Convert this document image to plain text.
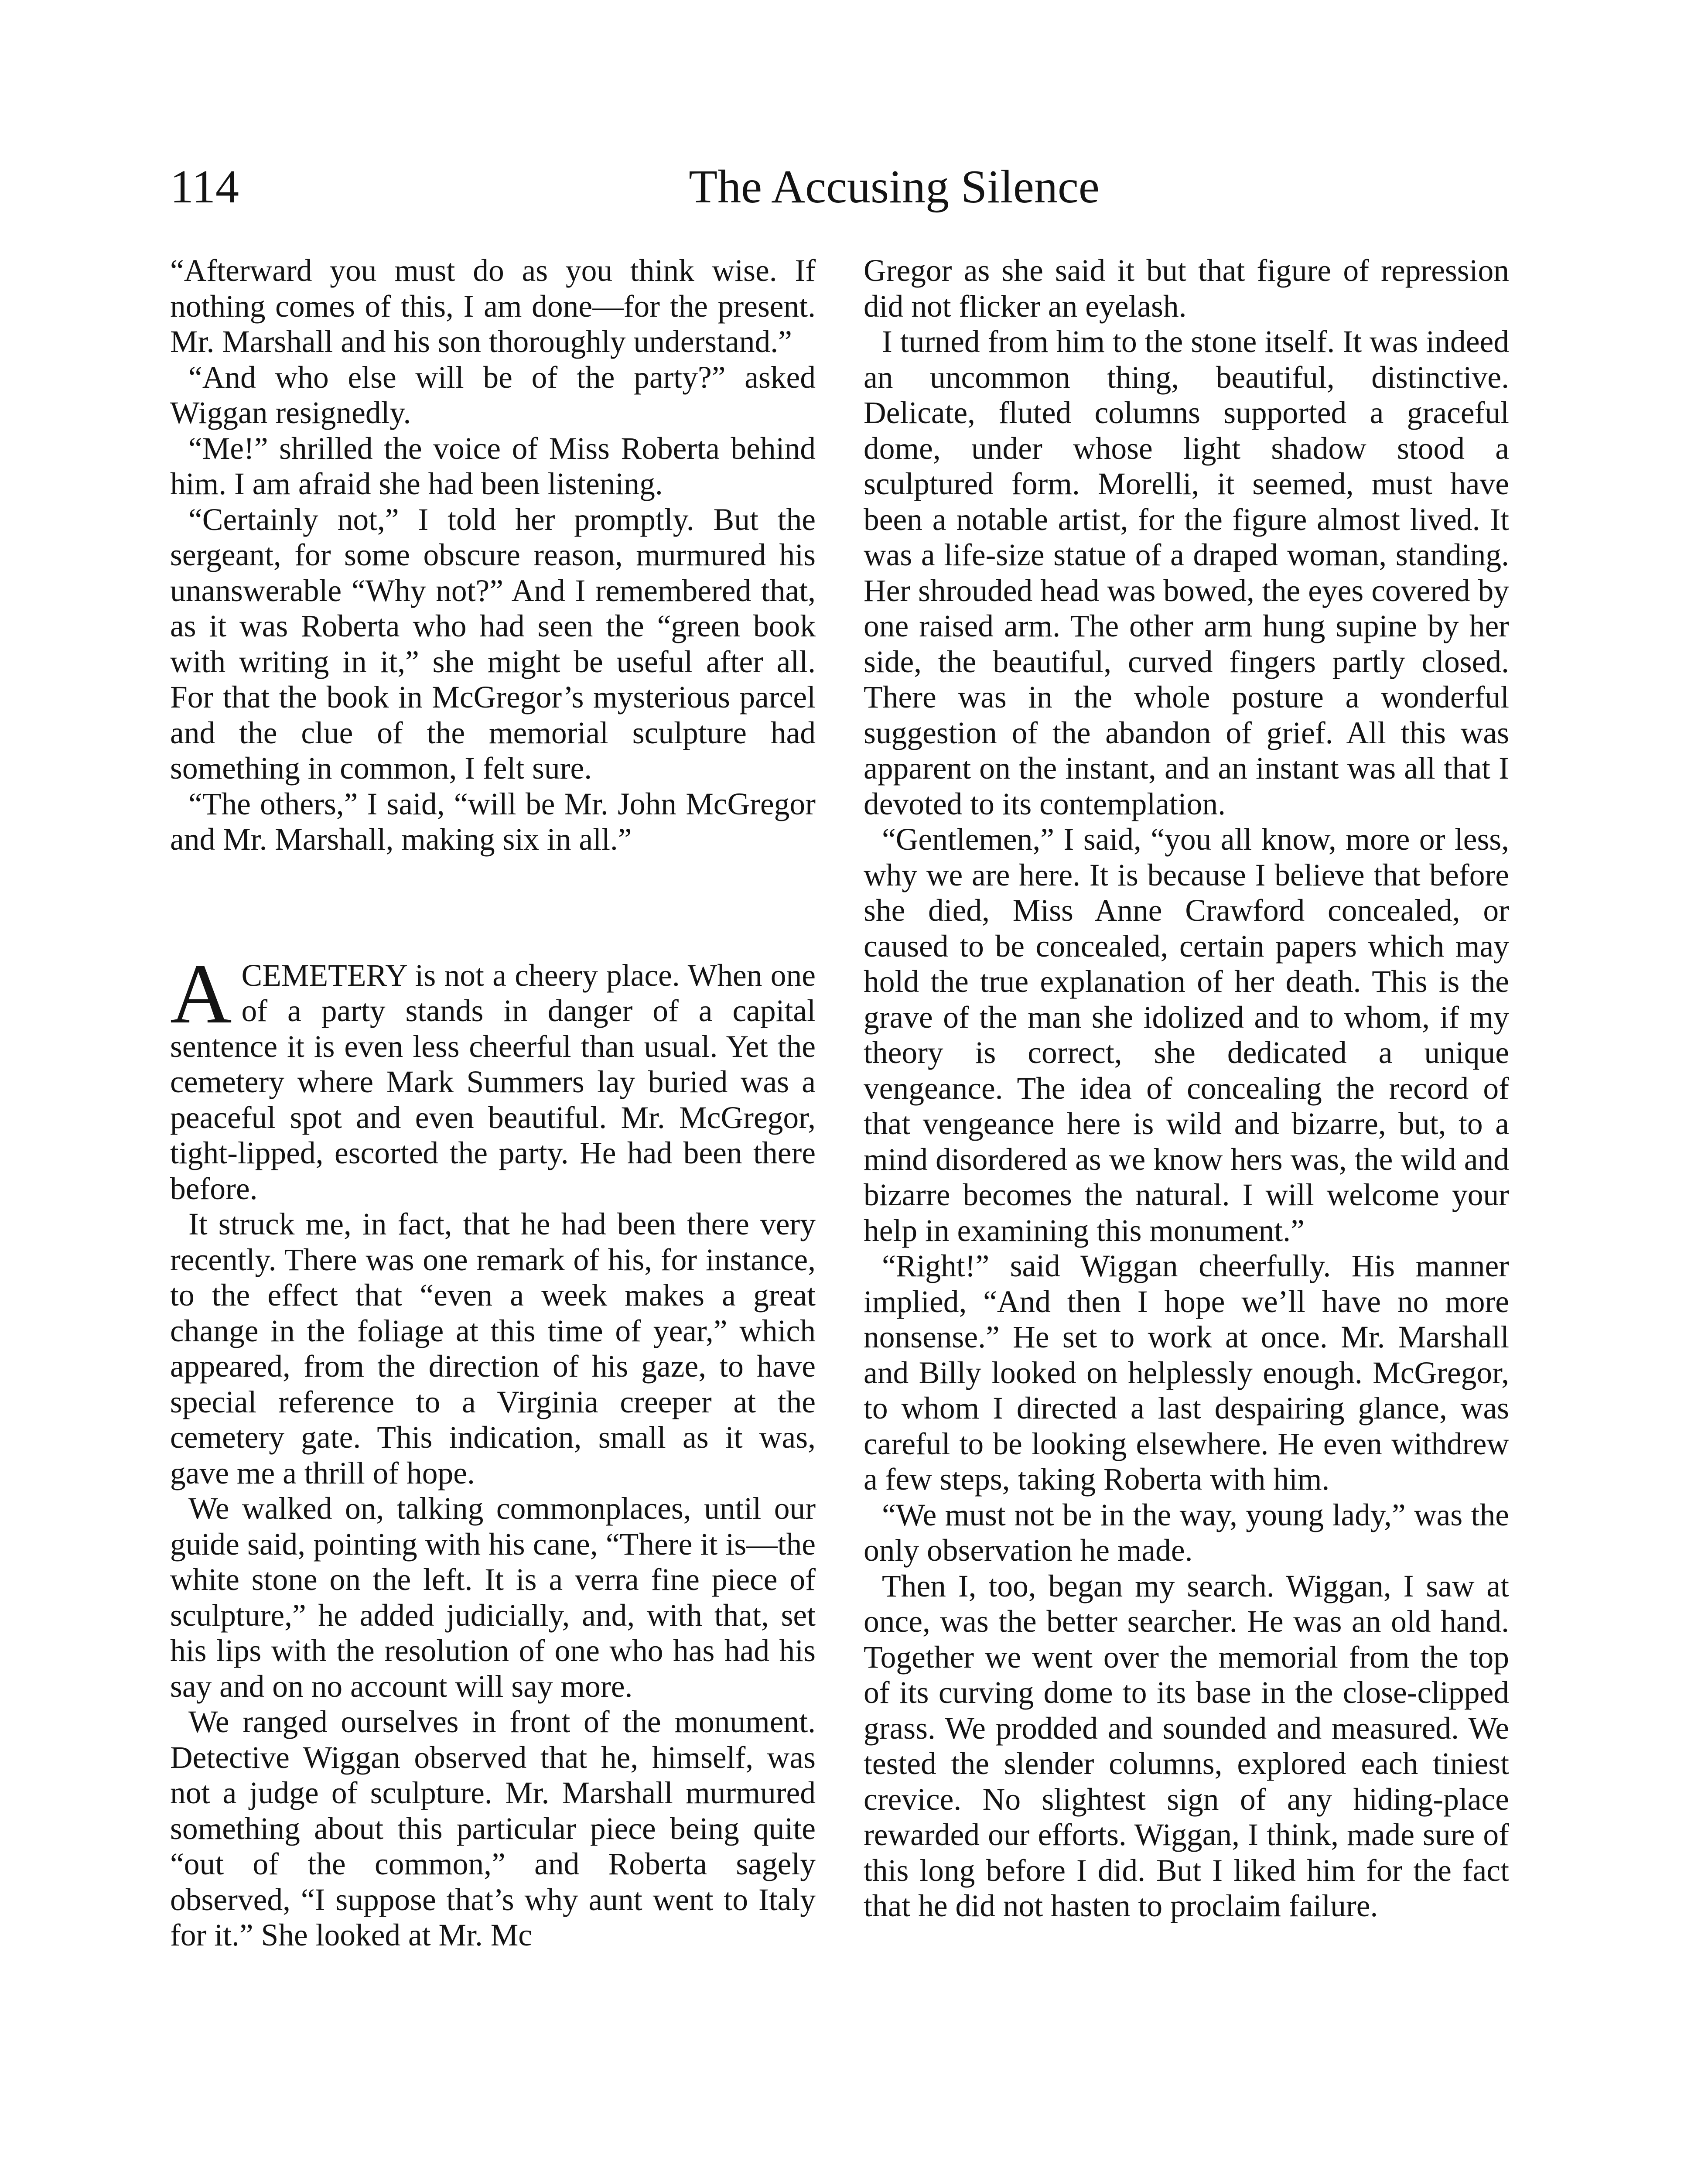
114	The Accusing Silence

“Afterward you must do as you think wise. If nothing comes of this, I am done—for the present. Mr. Marshall and his son thoroughly understand.”

“And who else will be of the party?” asked Wiggan resignedly.

“Me!” shrilled the voice of Miss Roberta behind him. I am afraid she had been listening.

“Certainly not,” I told her promptly. But the sergeant, for some obscure reason, murmured his unanswerable “Why not?” And I remembered that, as it was Roberta who had seen the “green book with writing in it,” she might be useful after all. For that the book in McGregor’s mysterious parcel and the clue of the memorial sculpture had something in common, I felt sure.

“The others,” I said, “will be Mr. John McGregor and Mr. Marshall, making six in all.”

A CEMETERY is not a cheery place. When one of a party stands in danger of a capital sentence it is even less cheerful than usual. Yet the cemetery where Mark Summers lay buried was a peaceful spot and even beautiful. Mr. McGregor, tight-lipped, escorted the party. He had been there before.

It struck me, in fact, that he had been there very recently. There was one remark of his, for instance, to the effect that “even a week makes a great change in the foliage at this time of year,” which appeared, from the direction of his gaze, to have special reference to a Virginia creeper at the cemetery gate. This indication, small as it was, gave me a thrill of hope.

We walked on, talking commonplaces, until our guide said, pointing with his cane, “There it is—the white stone on the left. It is a verra fine piece of sculpture,” he added judicially, and, with that, set his lips with the resolution of one who has had his say and on no account will say more.

We ranged ourselves in front of the monument. Detective Wiggan observed that he, himself, was not a judge of sculpture. Mr. Marshall murmured something about this particular piece being quite “out of the common,” and Roberta sagely observed, “I suppose that’s why aunt went to Italy for it.” She looked at Mr. Mc

Gregor as she said it but that figure of repression did not flicker an eyelash.

I turned from him to the stone itself. It was indeed an uncommon thing, beautiful, distinctive. Delicate, fluted columns supported a graceful dome, under whose light shadow stood a sculptured form. Morelli, it seemed, must have been a notable artist, for the figure almost lived. It was a life-size statue of a draped woman, standing. Her shrouded head was bowed, the eyes covered by one raised arm. The other arm hung supine by her side, the beautiful, curved fingers partly closed. There was in the whole posture a wonderful suggestion of the abandon of grief. All this was apparent on the instant, and an instant was all that I devoted to its contemplation.

“Gentlemen,” I said, “you all know, more or less, why we are here. It is because I believe that before she died, Miss Anne Crawford concealed, or caused to be concealed, certain papers which may hold the true explanation of her death. This is the grave of the man she idolized and to whom, if my theory is correct, she dedicated a unique vengeance. The idea of concealing the record of that vengeance here is wild and bizarre, but, to a mind disordered as we know hers was, the wild and bizarre becomes the natural. I will welcome your help in examining this monument.”

“Right!” said Wiggan cheerfully. His manner implied, “And then I hope we’ll have no more nonsense.” He set to work at once. Mr. Marshall and Billy looked on helplessly enough. McGregor, to whom I directed a last despairing glance, was careful to be looking elsewhere. He even withdrew a few steps, taking Roberta with him.

“We must not be in the way, young lady,” was the only observation he made.

Then I, too, began my search. Wiggan, I saw at once, was the better searcher. He was an old hand. Together we went over the memorial from the top of its curving dome to its base in the close-clipped grass. We prodded and sounded and measured. We tested the slender columns, explored each tiniest crevice. No slightest sign of any hiding-place rewarded our efforts. Wiggan, I think, made sure of this long before I did. But I liked him for the fact that he did not hasten to proclaim failure.
